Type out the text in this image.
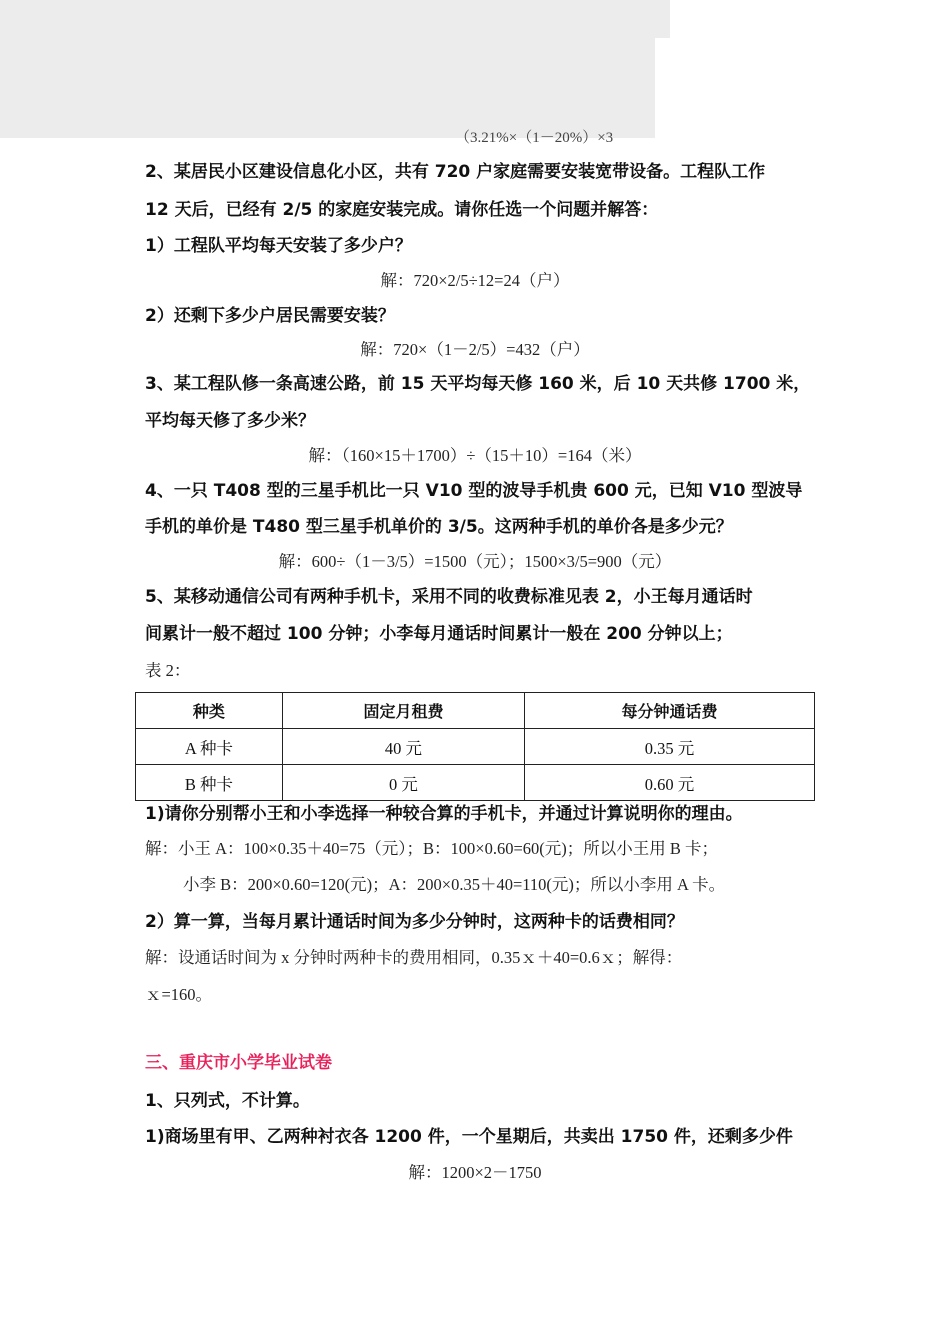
（3.21%×（1－20%）×3
2、某居民小区建设信息化小区，共有 720 户家庭需要安装宽带设备。工程队工作
12 天后，已经有 2/5 的家庭安装完成。请你任选一个问题并解答：
1）工程队平均每天安装了多少户？
解：720×2/5÷12=24（户）
2）还剩下多少户居民需要安装？
解：720×（1－2/5）=432（户）
3、某工程队修一条高速公路，前 15 天平均每天修 160 米，后 10 天共修 1700 米，
平均每天修了多少米？
解：（160×15＋1700）÷（15＋10）=164（米）
4、一只 T408 型的三星手机比一只 V10 型的波导手机贵 600 元，已知 V10 型波导
手机的单价是 T480 型三星手机单价的 3/5。这两种手机的单价各是多少元？
解：600÷（1－3/5）=1500（元）；1500×3/5=900（元）
5、某移动通信公司有两种手机卡，采用不同的收费标准见表 2，小王每月通话时
间累计一般不超过 100 分钟；小李每月通话时间累计一般在 200 分钟以上；
表 2：
种类	固定月租费	每分钟通话费
A 种卡	40 元	0.35 元
B 种卡	0 元	0.60 元
1)请你分别帮小王和小李选择一种较合算的手机卡，并通过计算说明你的理由。
解：小王 A：100×0.35＋40=75（元）；B：100×0.60=60(元)；所以小王用 B 卡；
小李 B：200×0.60=120(元)；A：200×0.35＋40=110(元)；所以小李用 A 卡。
2）算一算，当每月累计通话时间为多少分钟时，这两种卡的话费相同？
解：设通话时间为 x 分钟时两种卡的费用相同，0.35ｘ＋40=0.6ｘ；解得：
ｘ=160。
三、重庆市小学毕业试卷
1、只列式，不计算。
1)商场里有甲、乙两种衬衣各 1200 件，一个星期后，共卖出 1750 件，还剩多少件
解：1200×2－1750
